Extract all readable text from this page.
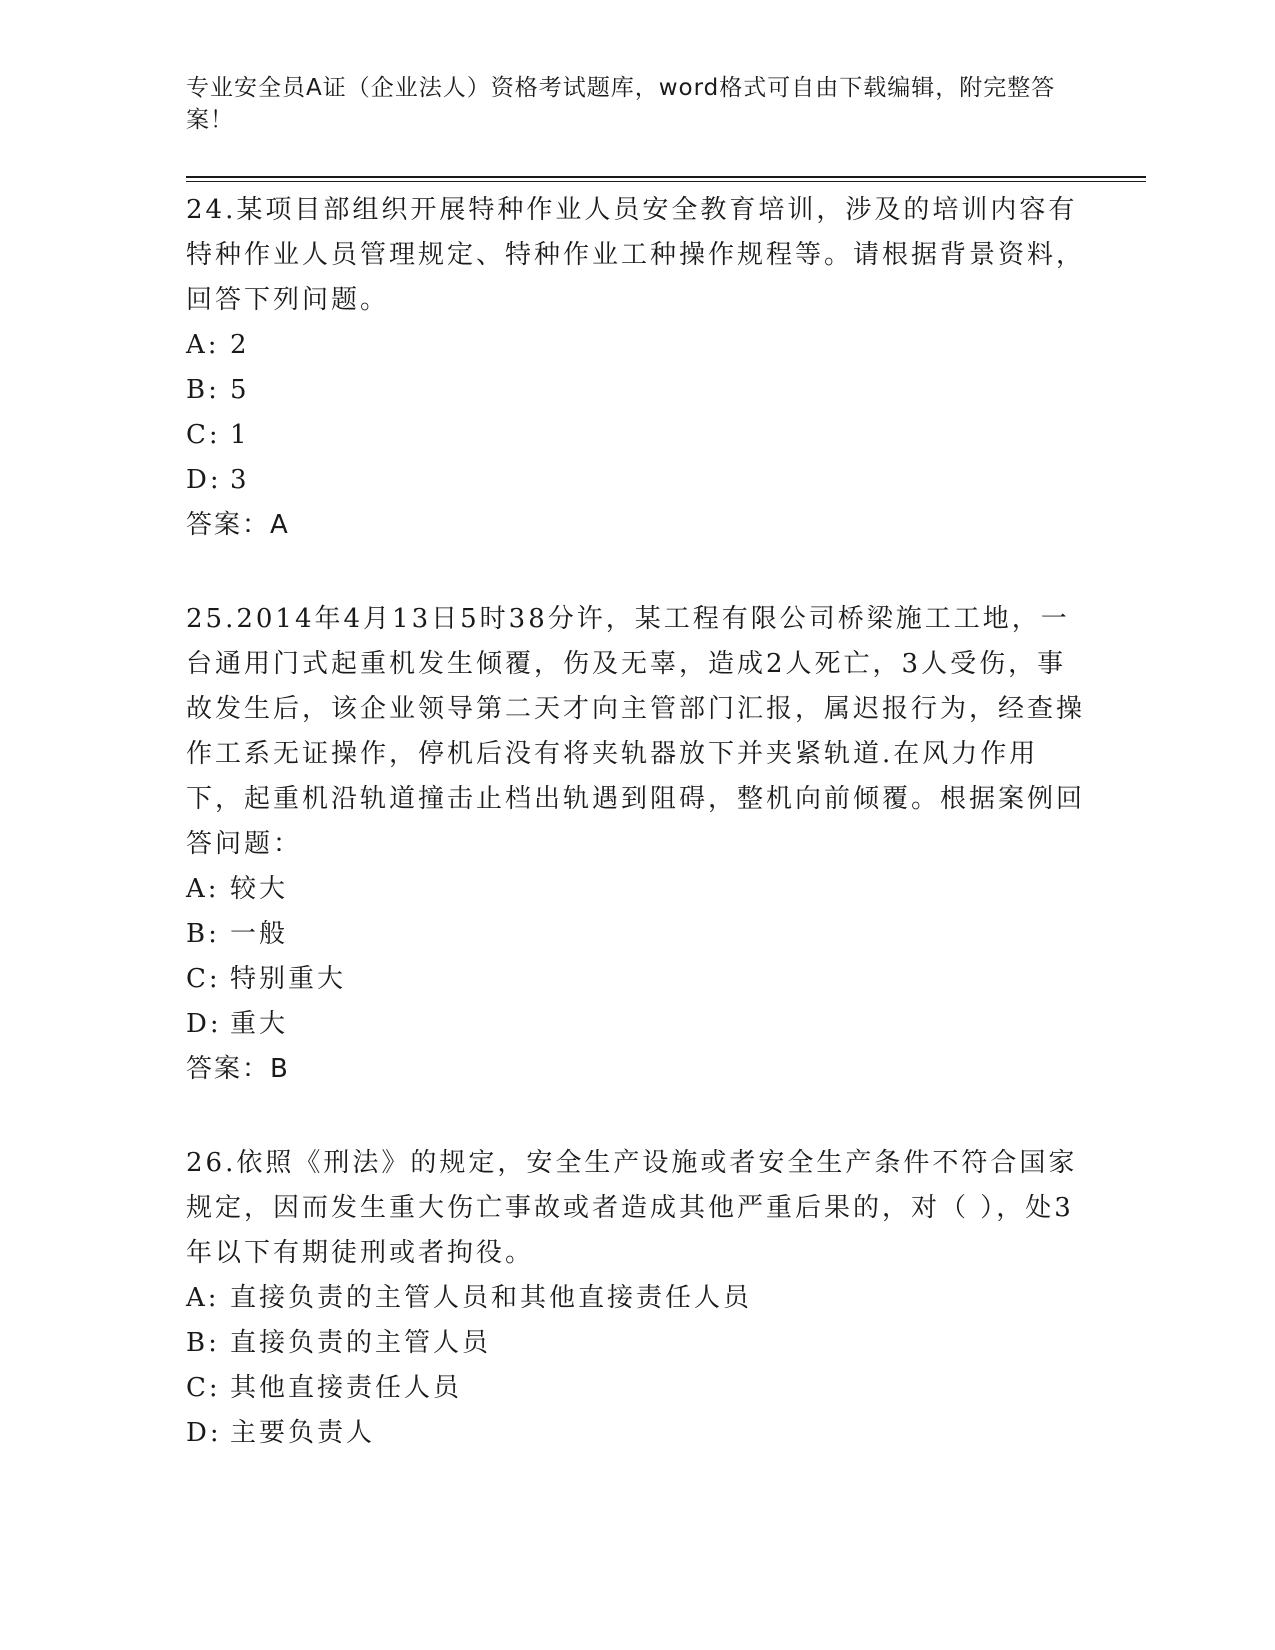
专业安全员A证（企业法人）资格考试题库，word格式可自由下载编辑，附完整答案！

24.某项目部组织开展特种作业人员安全教育培训，涉及的培训内容有特种作业人员管理规定、特种作业工种操作规程等。请根据背景资料，回答下列问题。

A: 2

B: 5

C: 1

D: 3

答案：A

25.2014年4月13日5时38分许，某工程有限公司桥梁施工工地，一台通用门式起重机发生倾覆，伤及无辜，造成2人死亡，3人受伤，事故发生后，该企业领导第二天才向主管部门汇报，属迟报行为，经查操作工系无证操作，停机后没有将夹轨器放下并夹紧轨道.在风力作用下，起重机沿轨道撞击止档出轨遇到阻碍，整机向前倾覆。根据案例回答问题：

A: 较大

B: 一般

C: 特别重大

D: 重大

答案：B

26.依照《刑法》的规定，安全生产设施或者安全生产条件不符合国家规定，因而发生重大伤亡事故或者造成其他严重后果的，对（ ），处3年以下有期徒刑或者拘役。

A: 直接负责的主管人员和其他直接责任人员

B: 直接负责的主管人员

C: 其他直接责任人员

D: 主要负责人
